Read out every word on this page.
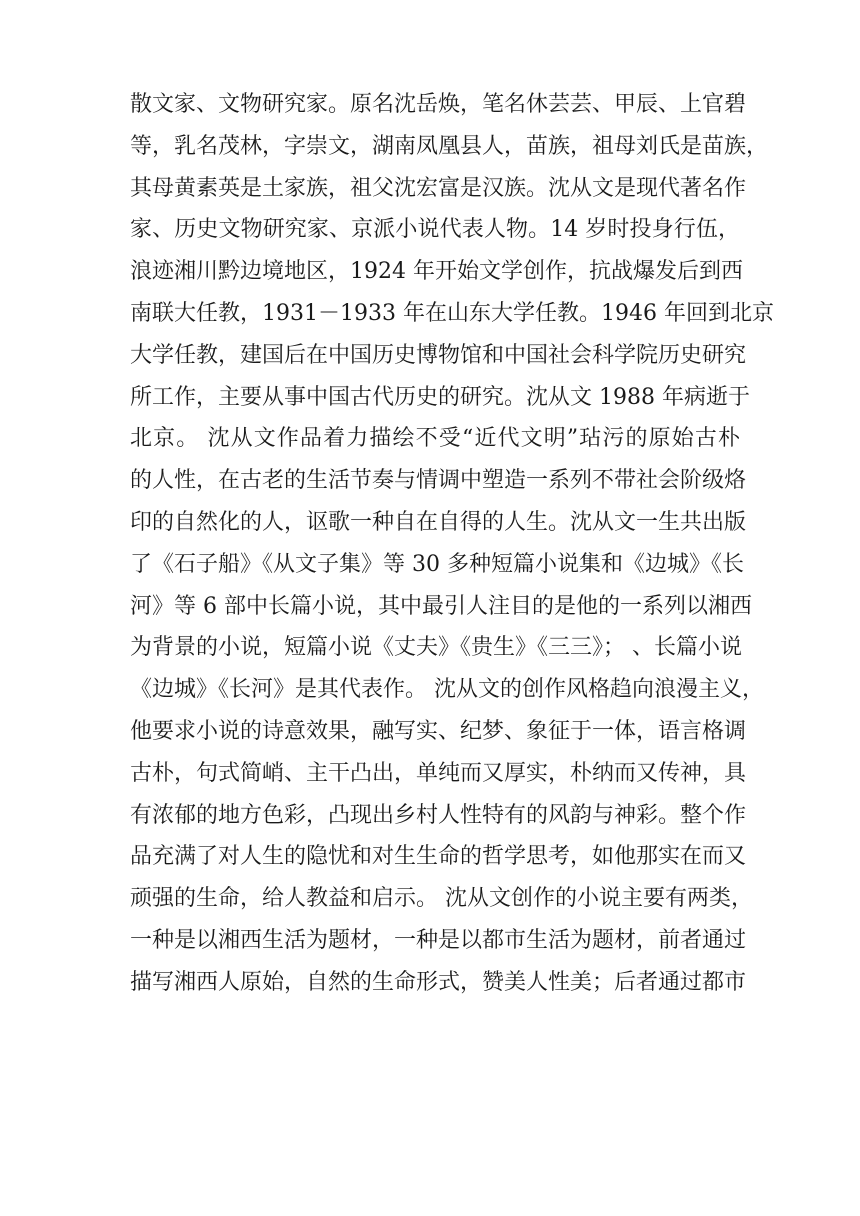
散文家、文物研究家。原名沈岳焕，笔名休芸芸、甲辰、上官碧
等，乳名茂林，字崇文，湖南凤凰县人，苗族，祖母刘氏是苗族，
其母黄素英是土家族，祖父沈宏富是汉族。沈从文是现代著名作
家、历史文物研究家、京派小说代表人物。14 岁时投身行伍，
浪迹湘川黔边境地区，1924 年开始文学创作，抗战爆发后到西
南联大任教，1931－1933 年在山东大学任教。1946 年回到北京
大学任教，建国后在中国历史博物馆和中国社会科学院历史研究
所工作，主要从事中国古代历史的研究。沈从文 1988 年病逝于
北京。 沈从文作品着力描绘不受“近代文明”玷污的原始古朴
的人性，在古老的生活节奏与情调中塑造一系列不带社会阶级烙
印的自然化的人，讴歌一种自在自得的人生。沈从文一生共出版
了《石子船》《从文子集》等 30 多种短篇小说集和《边城》《长
河》等 6 部中长篇小说，其中最引人注目的是他的一系列以湘西
为背景的小说，短篇小说《丈夫》《贵生》《三三》； 、长篇小说
《边城》《长河》是其代表作。 沈从文的创作风格趋向浪漫主义，
他要求小说的诗意效果，融写实、纪梦、象征于一体，语言格调
古朴，句式简峭、主干凸出，单纯而又厚实，朴纳而又传神，具
有浓郁的地方色彩，凸现出乡村人性特有的风韵与神彩。整个作
品充满了对人生的隐忧和对生生命的哲学思考，如他那实在而又
顽强的生命，给人教益和启示。 沈从文创作的小说主要有两类，
一种是以湘西生活为题材，一种是以都市生活为题材，前者通过
描写湘西人原始，自然的生命形式，赞美人性美；后者通过都市
